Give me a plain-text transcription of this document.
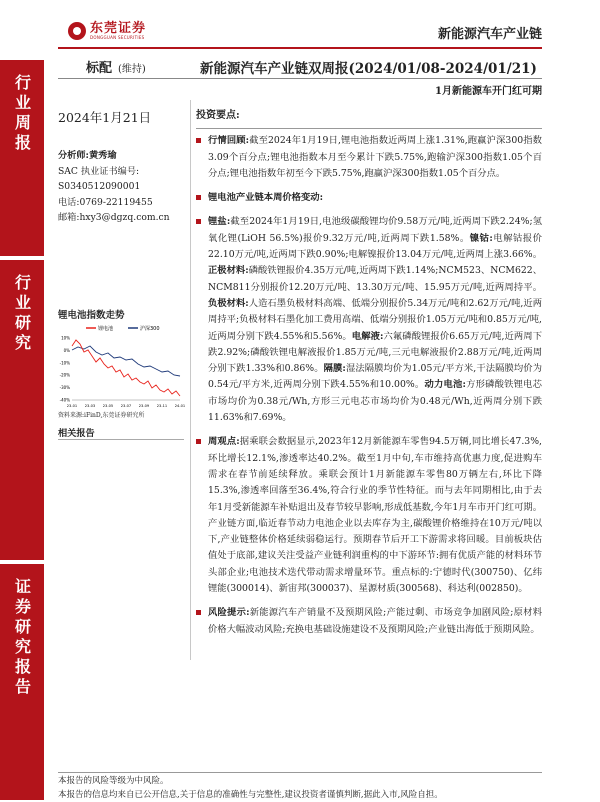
东莞证券
DONGGUAN SECURITIES	新能源汽车产业链
行业周报
行业研究
证券研究报告
标配 (维持)	新能源汽车产业链双周报(2024/01/08-2024/01/21)
1月新能源车开门红可期
2024年1月21日
分析师:黄秀瑜
SAC 执业证书编号:
S0340512090001
电话:0769-22119455
邮箱:hxy3@dgzq.com.cn
锂电池指数走势
锂电池	沪深300
10%
0%
-10%
-20%
-30%
-40%
23-01 23-03 23-05 23-07 23-09 23-11 24-01
资料来源:iFinD,东莞证券研究所
相关报告
投资要点:
行情回顾:截至2024年1月19日,锂电池指数近两周上涨1.31%,跑赢沪深300指数3.09个百分点;锂电池指数本月至今累计下跌5.75%,跑输沪深300指数1.05个百分点;锂电池指数年初至今下跌5.75%,跑赢沪深300指数1.05个百分点。
锂电池产业链本周价格变动:
锂盐:截至2024年1月19日,电池级碳酸锂均价9.58万元/吨,近两周下跌2.24%;氢氧化锂(LiOH 56.5%)报价9.32万元/吨,近两周下跌1.58%。镍钴:电解钴报价22.10万元/吨,近两周下跌0.90%;电解镍报价13.04万元/吨,近两周上涨3.66%。正极材料:磷酸铁锂报价4.35万元/吨,近两周下跌1.14%;NCM523、NCM622、NCM811分别报价12.20万元/吨、13.30万元/吨、15.95万元/吨,近两周持平。负极材料:人造石墨负极材料高端、低端分别报价5.34万元/吨和2.62万元/吨,近两周持平;负极材料石墨化加工费用高端、低端分别报价1.05万元/吨和0.85万元/吨,近两周分别下跌4.55%和5.56%。电解液:六氟磷酸锂报价6.65万元/吨,近两周下跌2.92%;磷酸铁锂电解液报价1.85万元/吨,三元电解液报价2.88万元/吨,近两周分别下跌1.33%和0.86%。隔膜:湿法隔膜均价为1.05元/平方米,干法隔膜均价为0.54元/平方米,近两周分别下跌4.55%和10.00%。动力电池:方形磷酸铁锂电芯市场均价为0.38元/Wh,方形三元电芯市场均价为0.48元/Wh,近两周分别下跌11.63%和7.69%。
周观点:据乘联会数据显示,2023年12月新能源车零售94.5万辆,同比增长47.3%,环比增长12.1%,渗透率达40.2%。截至1月中旬,车市维持高优惠力度,促进购车需求在春节前延续释放。乘联会预计1月新能源车零售80万辆左右,环比下降15.3%,渗透率回落至36.4%,符合行业的季节性特征。而与去年同期相比,由于去年1月受新能源车补贴退出及春节较早影响,形成低基数,今年1月车市开门红可期。产业链方面,临近春节动力电池企业以去库存为主,碳酸锂价格维持在10万元/吨以下,产业链整体价格延续弱稳运行。预期春节后开工下游需求将回暖。目前板块估值处于底部,建议关注受益产业链利润重构的中下游环节:拥有优质产能的材料环节头部企业;电池技术迭代带动需求增量环节。重点标的:宁德时代(300750)、亿纬锂能(300014)、新宙邦(300037)、星源材质(300568)、科达利(002850)。
风险提示:新能源汽车产销量不及预期风险;产能过剩、市场竞争加剧风险;原材料价格大幅波动风险;充换电基础设施建设不及预期风险;产业链出海低于预期风险。
本报告的风险等级为中风险。
本报告的信息均来自已公开信息,关于信息的准确性与完整性,建议投资者谨慎判断,据此入市,风险自担。
